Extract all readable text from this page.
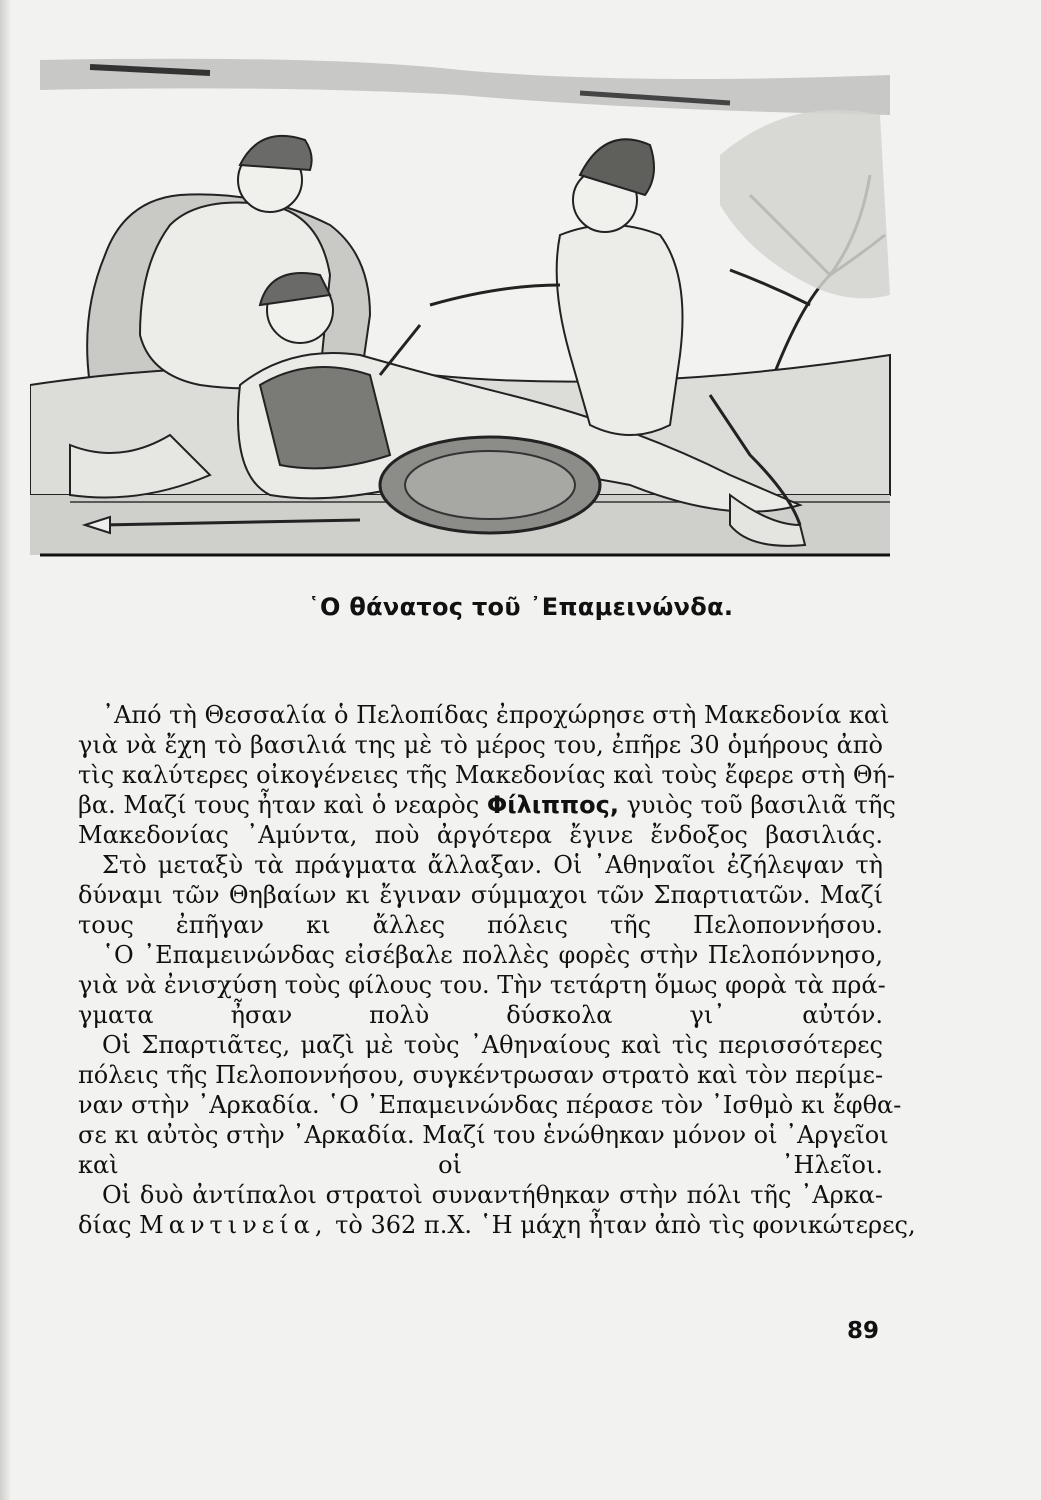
῾Ο θάνατος τοῦ ᾿Επαμεινώνδα.

᾿Από τὴ Θεσσαλία ὁ Πελοπίδας ἐπροχώρησε στὴ Μακεδονία καὶ
γιὰ νὰ ἔχη τὸ βασιλιά της μὲ τὸ μέρος του, ἐπῆρε 30 ὁμήρους ἀπὸ
τὶς καλύτερες οἰκογένειες τῆς Μακεδονίας καὶ τοὺς ἔφερε στὴ Θή-
βα. Μαζί τους ἦταν καὶ ὁ νεαρὸς Φίλιππος, γυιὸς τοῦ βασιλιᾶ τῆς
Μακεδονίας ᾿Αμύντα, ποὺ ἀργότερα ἔγινε ἔνδοξος βασιλιάς.

Στὸ μεταξὺ τὰ πράγματα ἄλλαξαν. Οἱ ᾿Αθηναῖοι ἐζήλεψαν τὴ
δύναμι τῶν Θηβαίων κι ἔγιναν σύμμαχοι τῶν Σπαρτιατῶν. Μαζί
τους ἐπῆγαν κι ἄλλες πόλεις τῆς Πελοποννήσου.

῾Ο ᾿Επαμεινώνδας εἰσέβαλε πολλὲς φορὲς στὴν Πελοπόννησο,
γιὰ νὰ ἐνισχύση τοὺς φίλους του. Τὴν τετάρτη ὅμως φορὰ τὰ πρά-
γματα ἦσαν πολὺ δύσκολα γι᾿ αὐτόν.

Οἱ Σπαρτιᾶτες, μαζὶ μὲ τοὺς ᾿Αθηναίους καὶ τὶς περισσότερες
πόλεις τῆς Πελοποννήσου, συγκέντρωσαν στρατὸ καὶ τὸν περίμε-
ναν στὴν ᾿Αρκαδία. ῾Ο ᾿Επαμεινώνδας πέρασε τὸν ᾿Ισθμὸ κι ἔφθα-
σε κι αὐτὸς στὴν ᾿Αρκαδία. Μαζί του ἑνώθηκαν μόνον οἱ ᾿Αργεῖοι
καὶ οἱ ᾿Ηλεῖοι.

Οἱ δυὸ ἀντίπαλοι στρατοὶ συναντήθηκαν στὴν πόλι τῆς ᾿Αρκα-
δίας Μαντινεία, τὸ 362 π.Χ. ῾Η μάχη ἦταν ἀπὸ τὶς φονικώτερες,

89
